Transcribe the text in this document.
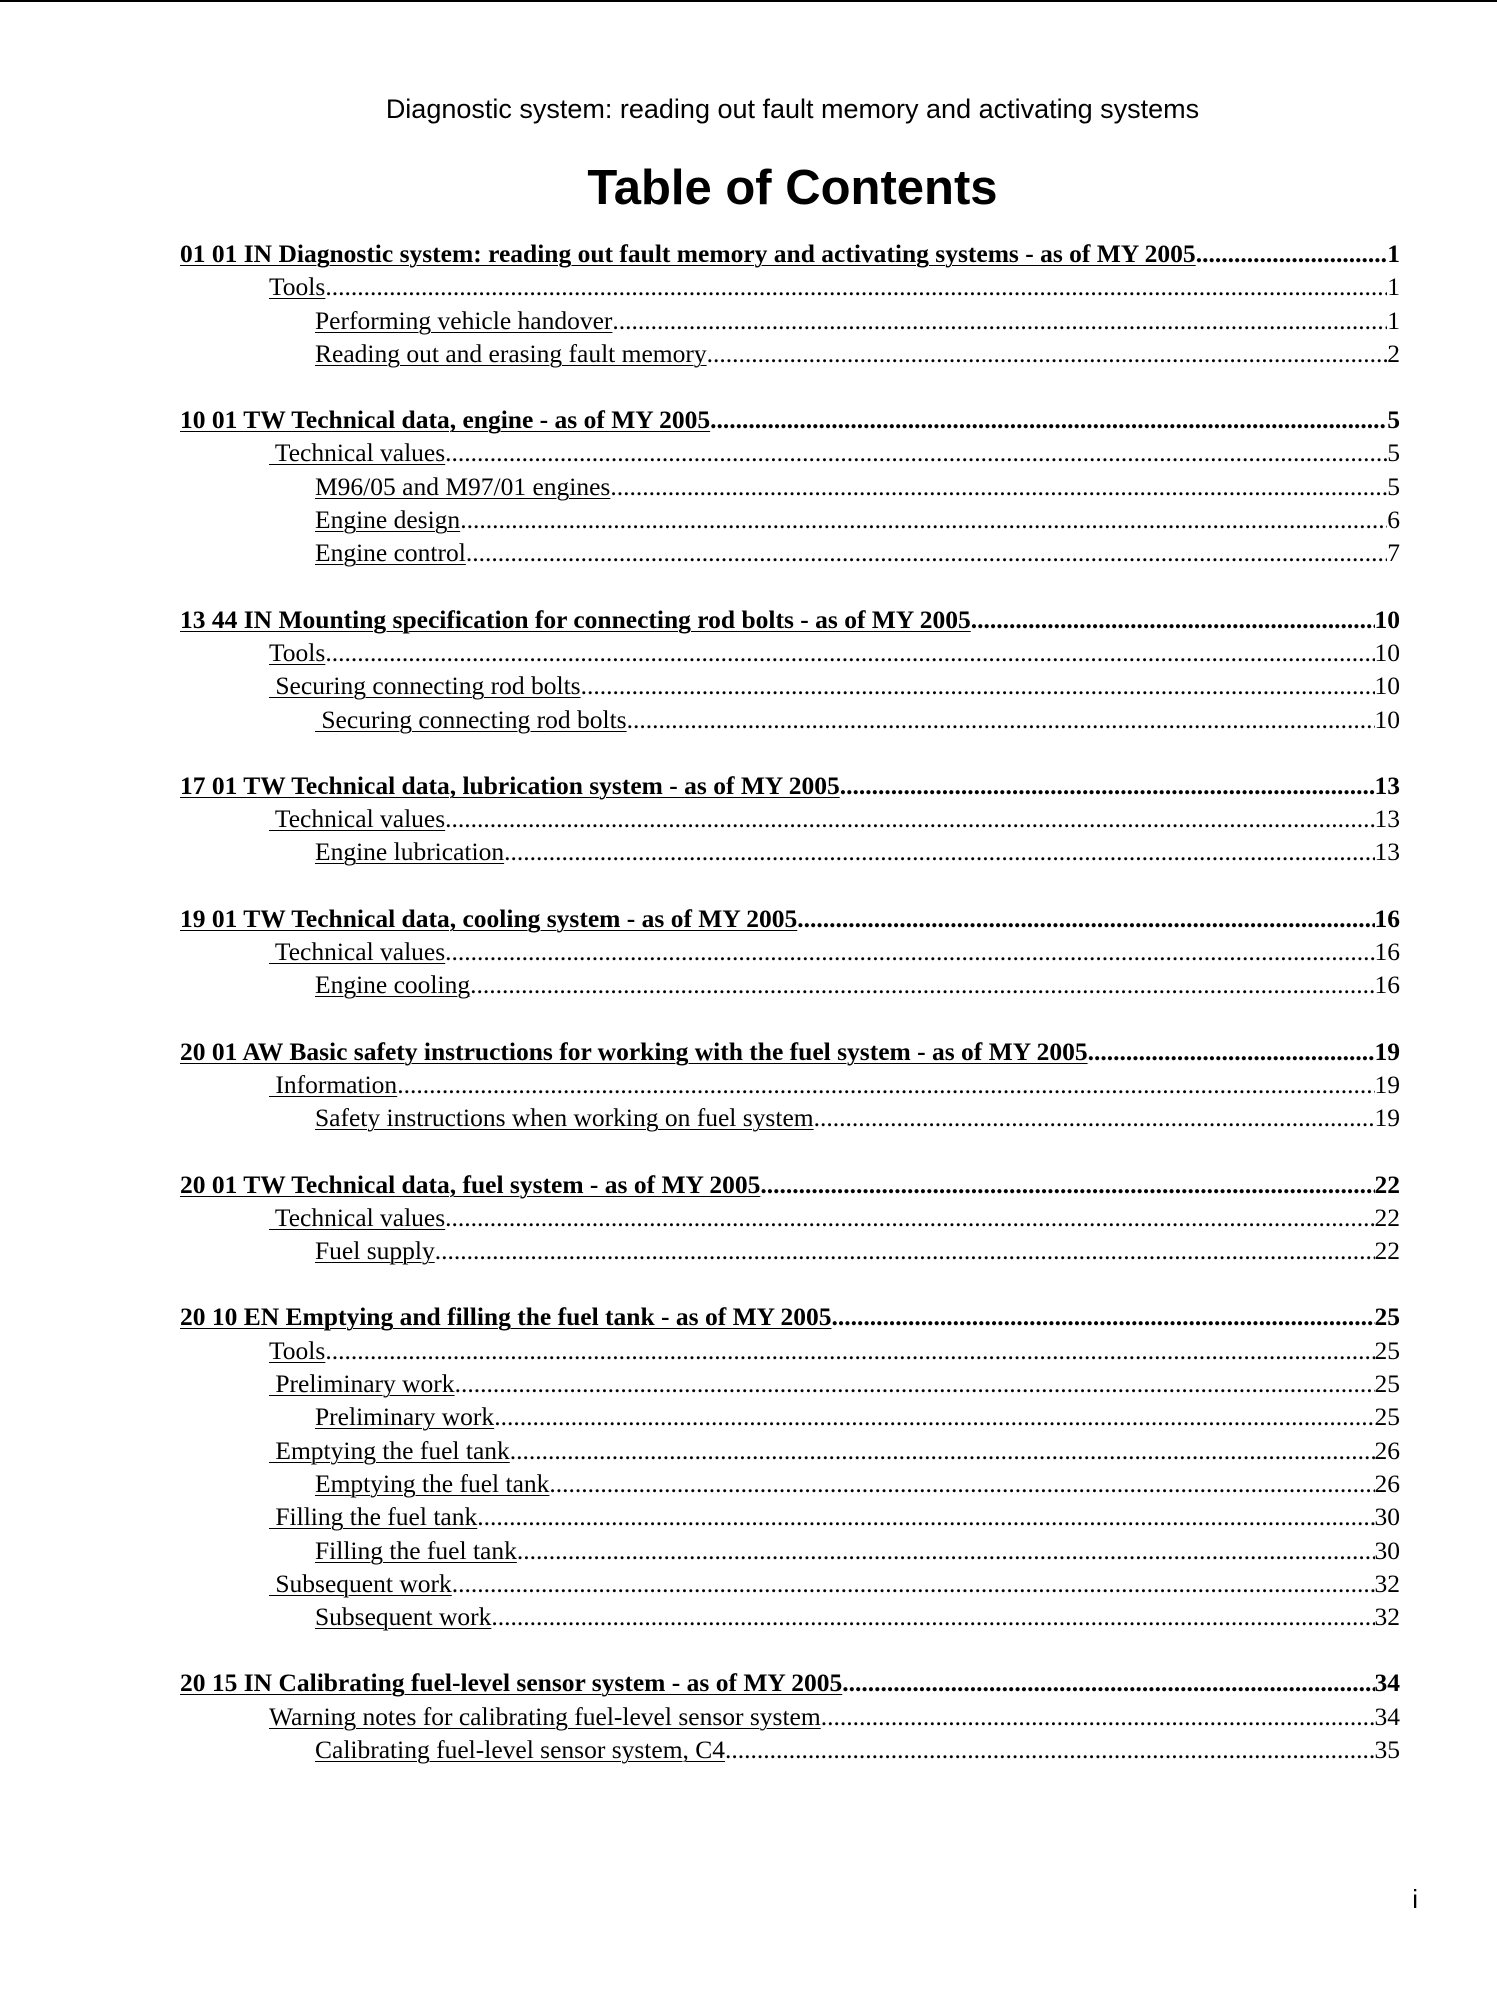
Diagnostic system: reading out fault memory and activating systems
Table of Contents
01 01 IN Diagnostic system: reading out fault memory and activating systems - as of MY 2005 .....	1
Tools .....	1
Performing vehicle handover .....	1
Reading out and erasing fault memory .....	2
10 01 TW Technical data, engine - as of MY 2005 .....	5
Technical values .....	5
M96/05 and M97/01 engines .....	5
Engine design .....	6
Engine control .....	7
13 44 IN Mounting specification for connecting rod bolts - as of MY 2005 .....	10
Tools .....	10
Securing connecting rod bolts .....	10
Securing connecting rod bolts .....	10
17 01 TW Technical data, lubrication system - as of MY 2005 .....	13
Technical values .....	13
Engine lubrication .....	13
19 01 TW Technical data, cooling system - as of MY 2005 .....	16
Technical values .....	16
Engine cooling .....	16
20 01 AW Basic safety instructions for working with the fuel system - as of MY 2005 .....	19
Information .....	19
Safety instructions when working on fuel system .....	19
20 01 TW Technical data, fuel system - as of MY 2005 .....	22
Technical values .....	22
Fuel supply .....	22
20 10 EN Emptying and filling the fuel tank - as of MY 2005 .....	25
Tools .....	25
Preliminary work .....	25
Preliminary work .....	25
Emptying the fuel tank .....	26
Emptying the fuel tank .....	26
Filling the fuel tank .....	30
Filling the fuel tank .....	30
Subsequent work .....	32
Subsequent work .....	32
20 15 IN Calibrating fuel-level sensor system - as of MY 2005 .....	34
Warning notes for calibrating fuel-level sensor system .....	34
Calibrating fuel-level sensor system, C4 .....	35
i
